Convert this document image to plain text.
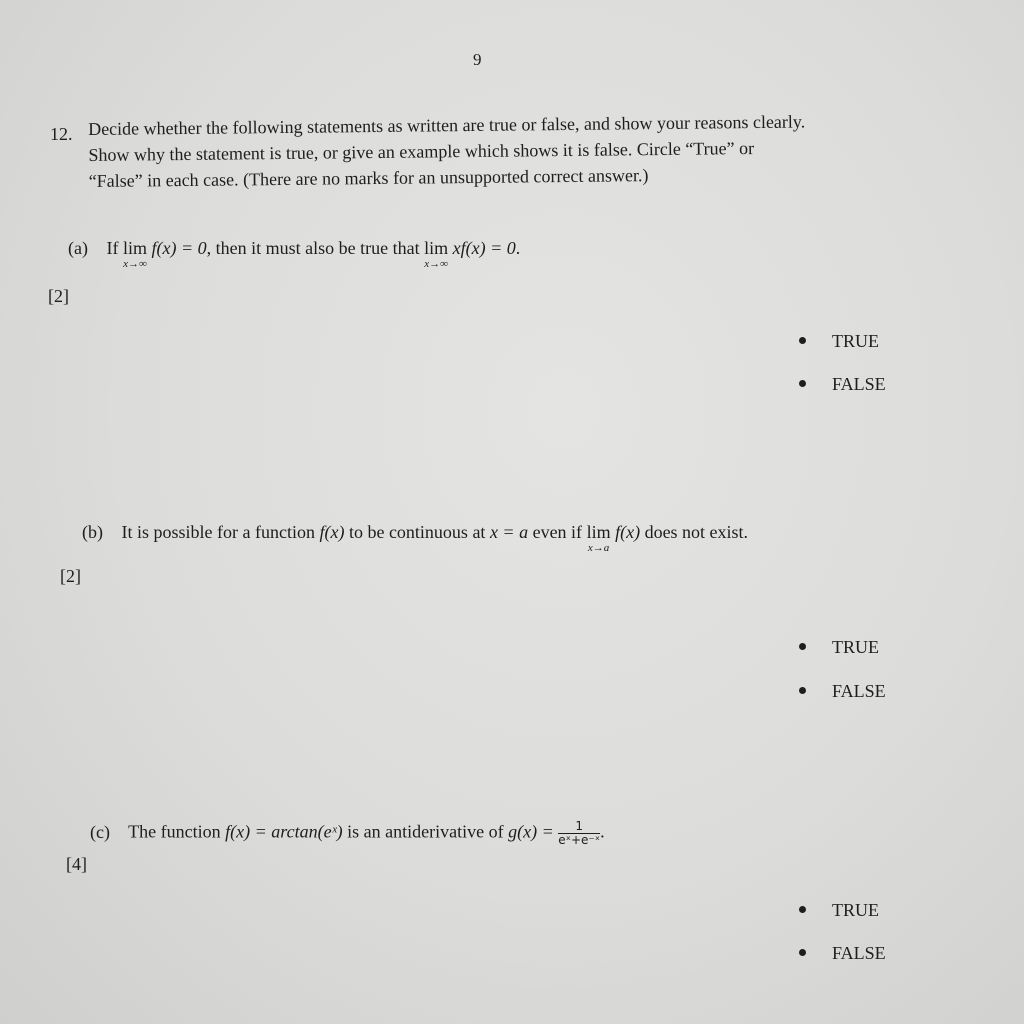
9
12. Decide whether the following statements as written are true or false, and show your reasons clearly.
Show why the statement is true, or give an example which shows it is false. Circle “True” or
“False” in each case. (There are no marks for an unsupported correct answer.)
(a) If lim
x→∞
f(x) = 0, then it must also be true that lim
x→∞
xf(x) = 0.
[2]
TRUE
FALSE
(b) It is possible for a function f(x) to be continuous at x = a even if lim
x→a
f(x) does not exist.
[2]
TRUE
FALSE
(c) The function f(x) = arctan(eˣ) is an antiderivative of $g(x) = \frac{1}{\text{eˣ+e⁻ˣ}}$ .
[4]
TRUE
FALSE
